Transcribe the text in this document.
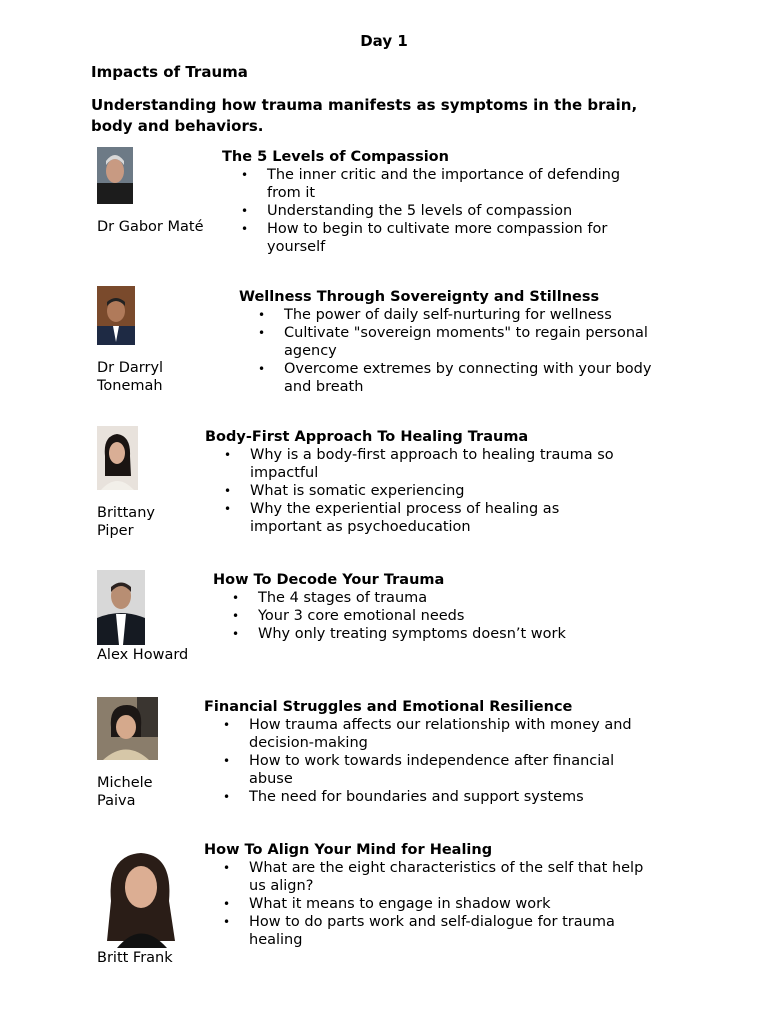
Day 1
Impacts of Trauma
Understanding how trauma manifests as symptoms in the brain, body and behaviors.
Dr Gabor Maté

The 5 Levels of Compassion

• The inner critic and the importance of defending from it
• Understanding the 5 levels of compassion
• How to begin to cultivate more compassion for yourself
Dr Darryl Tonemah

Wellness Through Sovereignty and Stillness

• The power of daily self-nurturing for wellness
• Cultivate "sovereign moments" to regain personal agency
• Overcome extremes by connecting with your body and breath
Brittany Piper

Body-First Approach To Healing Trauma

• Why is a body-first approach to healing trauma so impactful
• What is somatic experiencing
• Why the experiential process of healing as important as psychoeducation
Alex Howard

How To Decode Your Trauma

• The 4 stages of trauma
• Your 3 core emotional needs
• Why only treating symptoms doesn’t work
Michele Paiva

Financial Struggles and Emotional Resilience

• How trauma affects our relationship with money and decision-making
• How to work towards independence after financial abuse
• The need for boundaries and support systems
Britt Frank

How To Align Your Mind for Healing

• What are the eight characteristics of the self that help us align?
• What it means to engage in shadow work
• How to do parts work and self-dialogue for trauma healing
